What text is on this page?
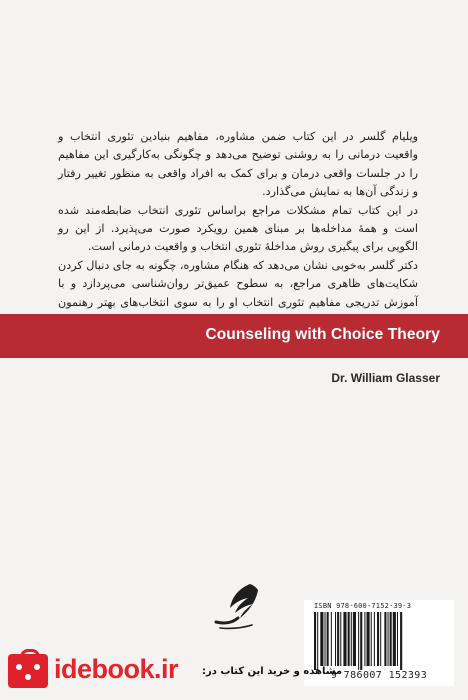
ویلیام گلسر در این کتاب ضمن مشاوره، مفاهیم بنیادین تئوری انتخاب و واقعیت درمانی را به روشنی توضیح می‌دهد و چگونگی به‌کارگیری این مفاهیم را در جلسات واقعی درمان و برای کمک به افراد واقعی به منظور تغییر رفتار و زندگی آن‌ها به نمایش می‌گذارد.

در این کتاب تمام مشکلات مراجع براساس تئوری انتخاب ضابطه‌مند شده است و همهٔ مداخله‌ها بر مبنای همین رویکرد صورت می‌پذیرد. از این رو الگویی برای پیگیری روش مداخلهٔ تئوری انتخاب و واقعیت درمانی است.

دکتر گلسر به‌خوبی نشان می‌دهد که هنگام مشاوره، چگونه به جای دنبال کردن شکایت‌های ظاهری مراجع، به سطوح عمیق‌تر روان‌شناسی می‌پردازد و با آموزش تدریجی مفاهیم تئوری انتخاب او را به سوی انتخاب‌های بهتر رهنمون

Counseling with Choice Theory
Dr. William Glasser
ISBN 978-600-7152-39-3
9 786007 152393
idebook.ir مشاهده و خرید این کتاب در:
